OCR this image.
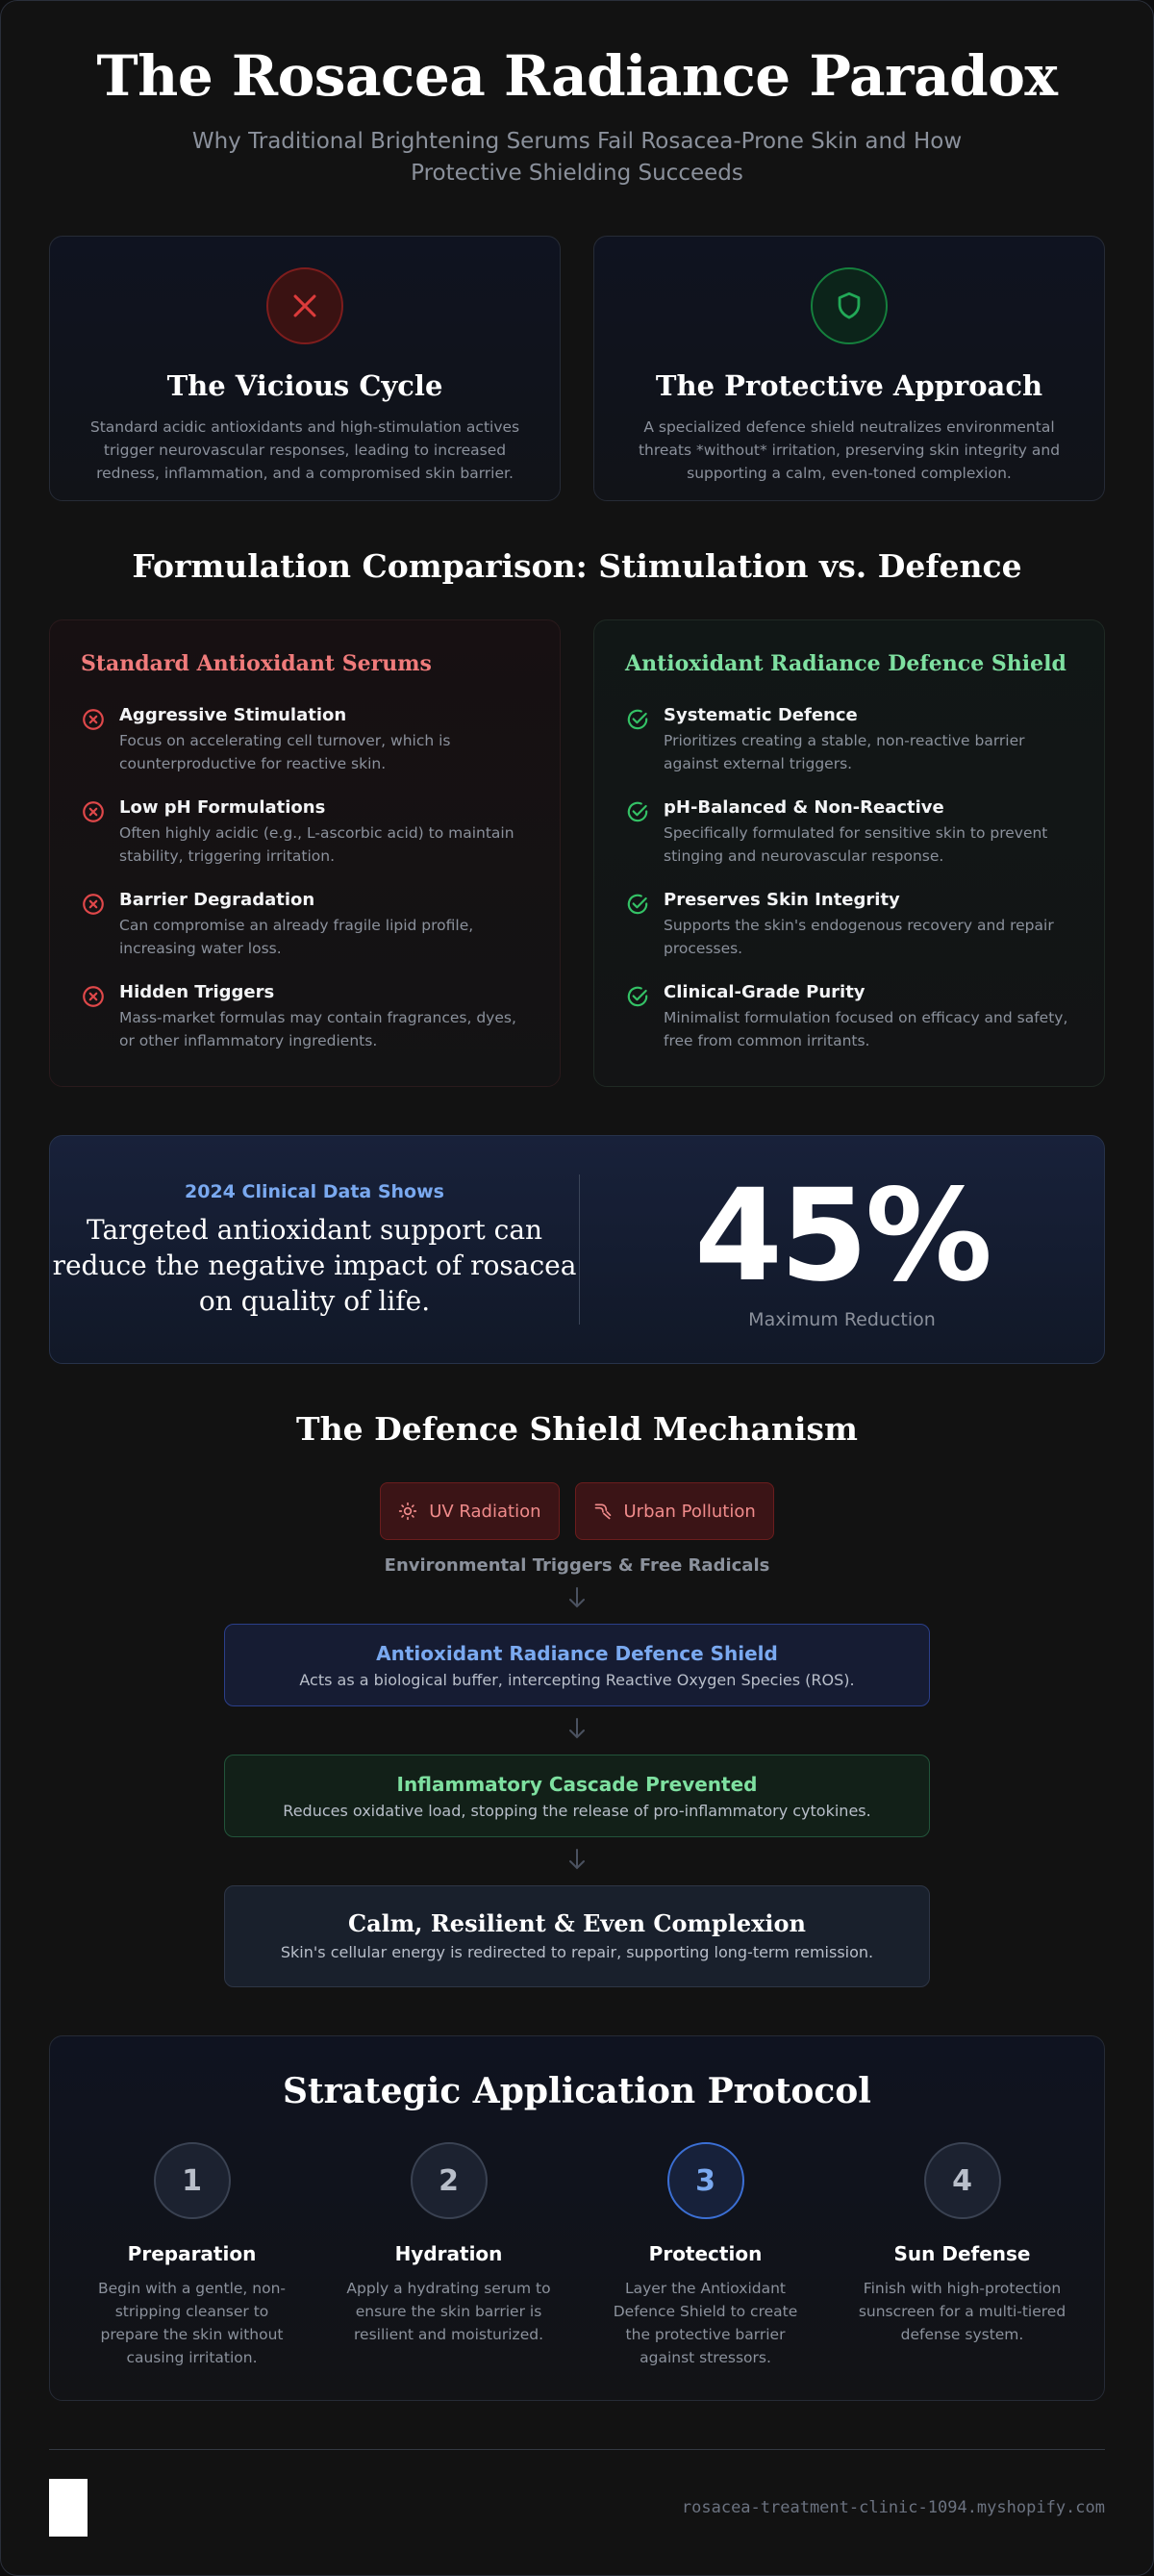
The Rosacea Radiance Paradox

Why Traditional Brightening Serums Fail Rosacea-Prone Skin and How Protective Shielding Succeeds

The Vicious Cycle

Standard acidic antioxidants and high-stimulation actives trigger neurovascular responses, leading to increased redness, inflammation, and a compromised skin barrier.

The Protective Approach

A specialized defence shield neutralizes environmental threats *without* irritation, preserving skin integrity and supporting a calm, even-toned complexion.

Formulation Comparison: Stimulation vs. Defence
Standard Antioxidant Serums
Aggressive Stimulation
Focus on accelerating cell turnover, which is counterproductive for reactive skin.
Low pH Formulations
Often highly acidic (e.g., L-ascorbic acid) to maintain stability, triggering irritation.
Barrier Degradation
Can compromise an already fragile lipid profile, increasing water loss.
Hidden Triggers
Mass-market formulas may contain fragrances, dyes, or other inflammatory ingredients.
Antioxidant Radiance Defence Shield
Systematic Defence
Prioritizes creating a stable, non-reactive barrier against external triggers.
pH-Balanced & Non-Reactive
Specifically formulated for sensitive skin to prevent stinging and neurovascular response.
Preserves Skin Integrity
Supports the skin's endogenous recovery and repair processes.
Clinical-Grade Purity
Minimalist formulation focused on efficacy and safety, free from common irritants.
2024 Clinical Data Shows
Targeted antioxidant support can reduce the negative impact of rosacea on quality of life.	45%
Maximum Reduction
The Defence Shield Mechanism
UV Radiation	Urban Pollution
Environmental Triggers & Free Radicals
Antioxidant Radiance Defence Shield
Acts as a biological buffer, intercepting Reactive Oxygen Species (ROS).
Inflammatory Cascade Prevented
Reduces oxidative load, stopping the release of pro-inflammatory cytokines.
Calm, Resilient & Even Complexion
Skin's cellular energy is redirected to repair, supporting long-term remission.
Strategic Application Protocol
1
Preparation
Begin with a gentle, non-stripping cleanser to prepare the skin without causing irritation.
2
Hydration
Apply a hydrating serum to ensure the skin barrier is resilient and moisturized.
3
Protection
Layer the Antioxidant Defence Shield to create the protective barrier against stressors.
4
Sun Defense
Finish with high-protection sunscreen for a multi-tiered defense system.
rosacea-treatment-clinic-1094.myshopify.com
